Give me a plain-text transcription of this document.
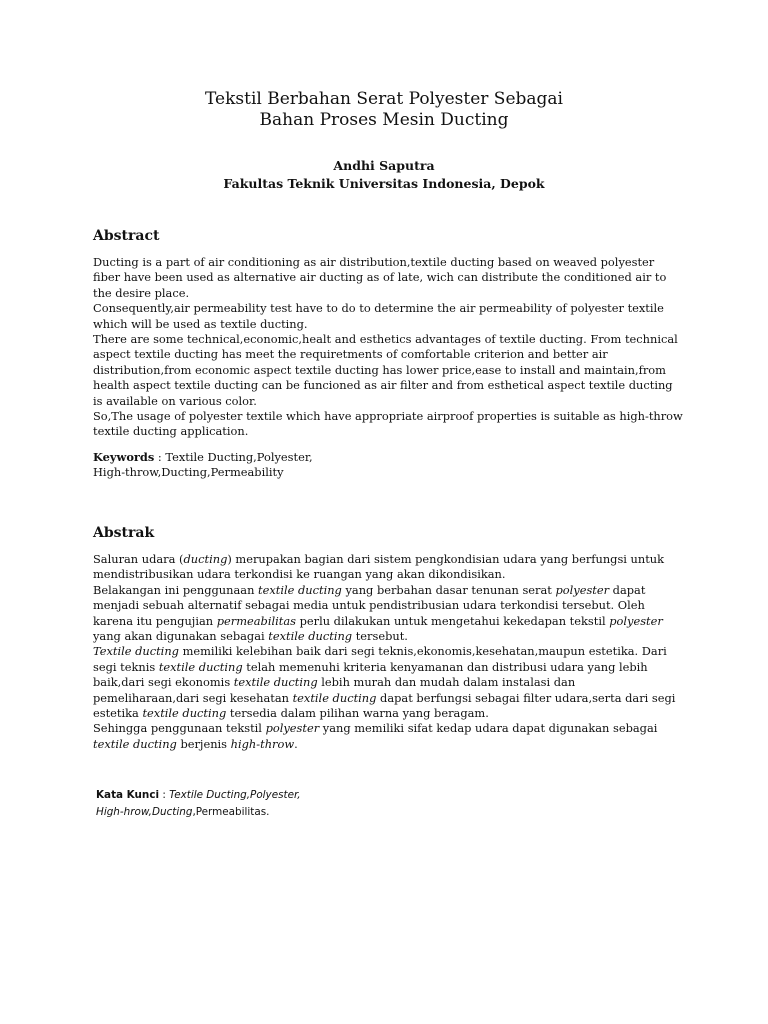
Tekstil Berbahan Serat Polyester Sebagai
Bahan Proses Mesin Ducting
Andhi Saputra
Fakultas Teknik Universitas Indonesia, Depok
Abstract

Ducting is a part of air conditioning as air distribution,textile ducting based on weaved polyester fiber have been used as alternative air ducting as of late, wich can distribute the conditioned air to the desire place.

Consequently,air permeability test have to do to determine the air permeability of polyester textile which will be used as textile ducting.

There are some technical,economic,healt and esthetics advantages of textile ducting. From technical aspect textile ducting has meet the requiretments of comfortable criterion and better air distribution,from economic aspect textile ducting has lower price,ease to install and maintain,from health aspect textile ducting can be funcioned as air filter and from esthetical aspect textile ducting is available on various color.

So,The usage of polyester textile which have appropriate airproof properties is suitable as high-throw textile ducting application.

Keywords : Textile Ducting,Polyester,
High-throw,Ducting,Permeability
Abstrak

Saluran udara (ducting) merupakan bagian dari sistem pengkondisian udara yang berfungsi untuk mendistribusikan udara terkondisi ke ruangan yang akan dikondisikan.

Belakangan ini penggunaan textile ducting yang berbahan dasar tenunan serat polyester dapat menjadi sebuah alternatif sebagai media untuk pendistribusian udara terkondisi tersebut. Oleh karena itu pengujian permeabilitas perlu dilakukan untuk mengetahui kekedapan tekstil polyester yang akan digunakan sebagai textile ducting tersebut.

Textile ducting memiliki kelebihan baik dari segi teknis,ekonomis,kesehatan,maupun estetika. Dari segi teknis textile ducting telah memenuhi kriteria kenyamanan dan distribusi udara yang lebih baik,dari segi ekonomis textile ducting lebih murah dan mudah dalam instalasi dan pemeliharaan,dari segi kesehatan textile ducting dapat berfungsi sebagai filter udara,serta dari segi estetika textile ducting tersedia dalam pilihan warna yang beragam.

Sehingga penggunaan tekstil polyester yang memiliki sifat kedap udara dapat digunakan sebagai textile ducting berjenis high-throw.

Kata Kunci : Textile Ducting,Polyester,
High-hrow,Ducting,Permeabilitas.
